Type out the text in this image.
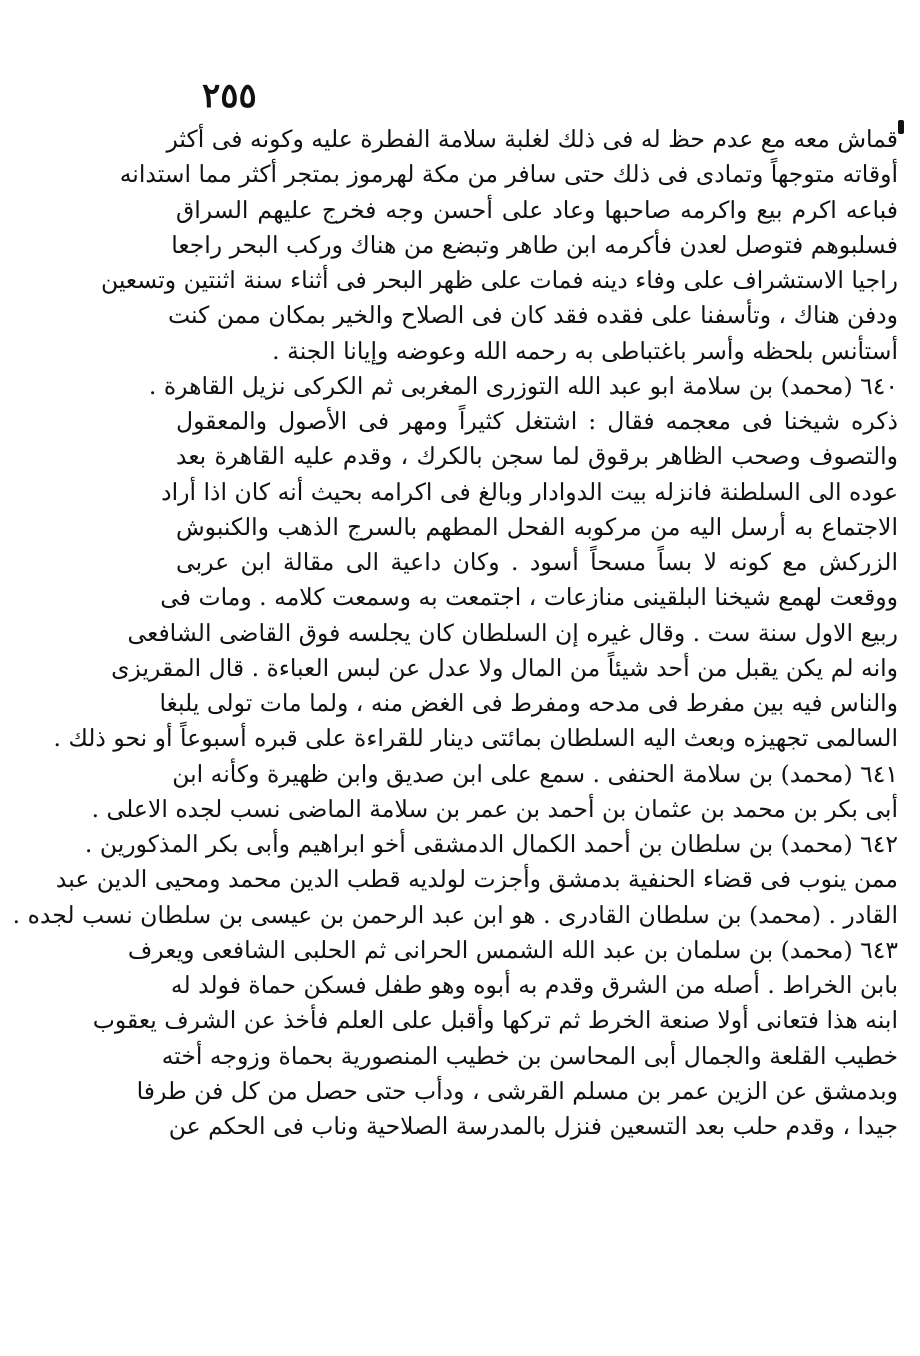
٢٥٥
قماش معه مع عدم حظ له فى ذلك لغلبة سلامة الفطرة عليه وكونه فى أكثر
أوقاته متوجهاً وتمادى فى ذلك حتى سافر من مكة لهرموز بمتجر أكثر مما استدانه
فباعه اكرم بيع واكرمه صاحبها وعاد على أحسن وجه فخرج عليهم السراق
فسلبوهم فتوصل لعدن فأكرمه ابن طاهر وتبضع من هناك وركب البحر راجعا
راجيا الاستشراف على وفاء دينه فمات على ظهر البحر فى أثناء سنة اثنتين وتسعين
ودفن هناك ، وتأسفنا على فقده فقد كان فى الصلاح والخير بمكان ممن كنت
أستأنس بلحظه وأسر باغتباطى به رحمه الله وعوضه وإيانا الجنة .
٦٤٠ (محمد) بن سلامة ابو عبد الله التوزرى المغربى ثم الكركى نزيل القاهرة .
ذكره شيخنا فى معجمه فقال : اشتغل كثيراً ومهر فى الأصول والمعقول
والتصوف وصحب الظاهر برقوق لما سجن بالكرك ، وقدم عليه القاهرة بعد
عوده الى السلطنة فانزله بيت الدوادار وبالغ فى اكرامه بحيث أنه كان اذا أراد
الاجتماع به أرسل اليه من مركوبه الفحل المطهم بالسرج الذهب والكنبوش
الزركش مع كونه لا بساً مسحاً أسود . وكان داعية الى مقالة ابن عربى
ووقعت لهمع شيخنا البلقينى منازعات ، اجتمعت به وسمعت كلامه . ومات فى
ربيع الاول سنة ست . وقال غيره إن السلطان كان يجلسه فوق القاضى الشافعى
وانه لم يكن يقبل من أحد شيئاً من المال ولا عدل عن لبس العباءة . قال المقريزى
والناس فيه بين مفرط فى مدحه ومفرط فى الغض منه ، ولما مات تولى يلبغا
السالمى تجهيزه وبعث اليه السلطان بمائتى دينار للقراءة على قبره أسبوعاً أو نحو ذلك .
٦٤١ (محمد) بن سلامة الحنفى . سمع على ابن صديق وابن ظهيرة وكأنه ابن
أبى بكر بن محمد بن عثمان بن أحمد بن عمر بن سلامة الماضى نسب لجده الاعلى .
٦٤٢ (محمد) بن سلطان بن أحمد الكمال الدمشقى أخو ابراهيم وأبى بكر المذكورين .
ممن ينوب فى قضاء الحنفية بدمشق وأجزت لولديه قطب الدين محمد ومحيى الدين عبد
القادر . (محمد) بن سلطان القادرى . هو ابن عبد الرحمن بن عيسى بن سلطان نسب لجده .
٦٤٣ (محمد) بن سلمان بن عبد الله الشمس الحرانى ثم الحلبى الشافعى ويعرف
بابن الخراط . أصله من الشرق وقدم به أبوه وهو طفل فسكن حماة فولد له
ابنه هذا فتعانى أولا صنعة الخرط ثم تركها وأقبل على العلم فأخذ عن الشرف يعقوب
خطيب القلعة والجمال أبى المحاسن بن خطيب المنصورية بحماة وزوجه أخته
وبدمشق عن الزين عمر بن مسلم القرشى ، ودأب حتى حصل من كل فن طرفا
جيدا ، وقدم حلب بعد التسعين فنزل بالمدرسة الصلاحية وناب فى الحكم عن
